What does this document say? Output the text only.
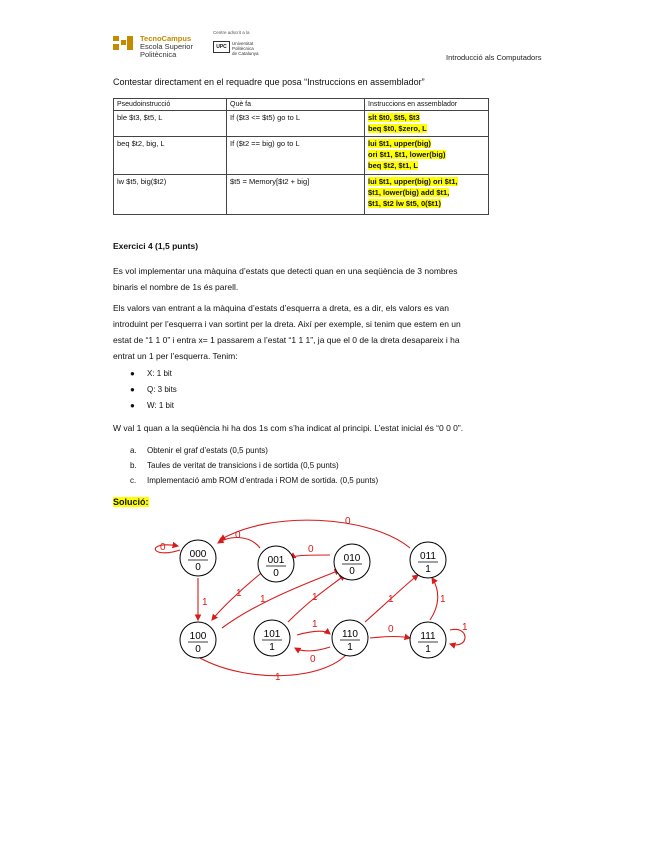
TecnoCampus
Escola Superior
Politècnica
Centre adscrit a la
UPC
Universitat
Politècnica
de Catalunya	Introducció als Computadors
Contestar directament en el requadre que posa “Instruccions en assemblador”
Pseudoinstrucció	Què fa	Instruccions en assemblador
ble $t3, $t5, L	If ($t3 <= $t5) go to L	slt $t0, $t5, $t3
beq $t0, $zero, L
beq $t2, big, L	If ($t2 == big) go to L	lui $t1, upper(big)
ori $t1, $t1, lower(big)
beq $t2, $t1, L
lw $t5, big($t2)	$t5 = Memory[$t2 + big]	lui $t1, upper(big) ori $t1,
$t1, lower(big) add $t1,
$t1, $t2 lw $t5, 0($t1)
Exercici 4 (1,5 punts)
Es vol implementar una màquina d’estats que detecti quan en una seqüència de 3 nombres
binaris el nombre de 1s és parell.
Els valors van entrant a la màquina d’estats d’esquerra a dreta, es a dir, els valors es van
introduint per l’esquerra i van sortint per la dreta. Així per exemple, si tenim que estem en un
estat de “1 1 0” i entra x= 1 passarem a l’estat “1 1 1”, ja que el 0 de la dreta desapareix i ha
entrat un 1 per l’esquerra. Tenim:
● X: 1 bit
● Q: 3 bits
● W: 1 bit
W val 1 quan a la seqüència hi ha dos 1s com s’ha indicat al principi. L’estat inicial és “0 0 0”.
a. Obtenir el graf d’estats (0,5 punts)
b. Taules de veritat de transicions i de sortida (0,5 punts)
c. Implementació amb ROM d’entrada i ROM de sortida. (0,5 punts)
Solució:
0
0
0
1
1
0
1
1	1	1
1
0
0	1
1
000
0
001
0
010
0
011
1
100
0
101
1
110
1
111
1
